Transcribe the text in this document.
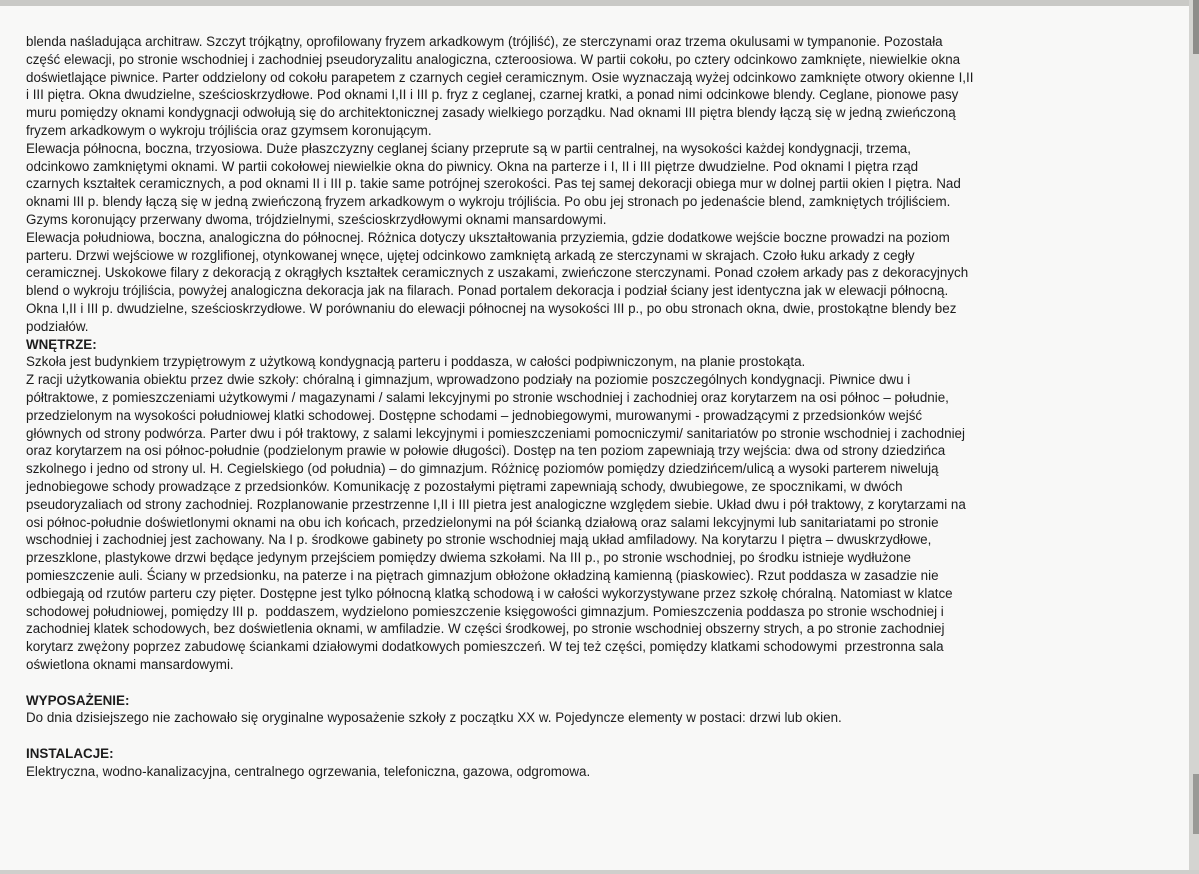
blenda naśladująca architraw. Szczyt trójkątny, oprofilowany fryzem arkadkowym (trójliść), ze sterczynami oraz trzema okulusami w tympanonie. Pozostała
część elewacji, po stronie wschodniej i zachodniej pseudoryzalitu analogiczna, czteroosiowa. W partii cokołu, po cztery odcinkowo zamknięte, niewielkie okna
doświetlające piwnice. Parter oddzielony od cokołu parapetem z czarnych cegieł ceramicznym. Osie wyznaczają wyżej odcinkowo zamknięte otwory okienne I,II
i III piętra. Okna dwudzielne, sześcioskrzydłowe. Pod oknami I,II i III p. fryz z ceglanej, czarnej kratki, a ponad nimi odcinkowe blendy. Ceglane, pionowe pasy
muru pomiędzy oknami kondygnacji odwołują się do architektonicznej zasady wielkiego porządku. Nad oknami III piętra blendy łączą się w jedną zwieńczoną
fryzem arkadkowym o wykroju trójliścia oraz gzymsem koronującym.

Elewacja północna, boczna, trzyosiowa. Duże płaszczyzny ceglanej ściany przeprute są w partii centralnej, na wysokości każdej kondygnacji, trzema,
odcinkowo zamkniętymi oknami. W partii cokołowej niewielkie okna do piwnicy. Okna na parterze i I, II i III piętrze dwudzielne. Pod oknami I piętra rząd
czarnych kształtek ceramicznych, a pod oknami II i III p. takie same potrójnej szerokości. Pas tej samej dekoracji obiega mur w dolnej partii okien I piętra. Nad
oknami III p. blendy łączą się w jedną zwieńczoną fryzem arkadkowym o wykroju trójliścia. Po obu jej stronach po jedenaście blend, zamkniętych trójliściem.
Gzyms koronujący przerwany dwoma, trójdzielnymi, sześcioskrzydłowymi oknami mansardowymi.

Elewacja południowa, boczna, analogiczna do północnej. Różnica dotyczy ukształtowania przyziemia, gdzie dodatkowe wejście boczne prowadzi na poziom
parteru. Drzwi wejściowe w rozglifionej, otynkowanej wnęce, ujętej odcinkowo zamkniętą arkadą ze sterczynami w skrajach. Czoło łuku arkady z cegły
ceramicznej. Uskokowe filary z dekoracją z okrągłych kształtek ceramicznych z uszakami, zwieńczone sterczynami. Ponad czołem arkady pas z dekoracyjnych
blend o wykroju trójliścia, powyżej analogiczna dekoracja jak na filarach. Ponad portalem dekoracja i podział ściany jest identyczna jak w elewacji północną.
Okna I,II i III p. dwudzielne, sześcioskrzydłowe. W porównaniu do elewacji północnej na wysokości III p., po obu stronach okna, dwie, prostokątne blendy bez
podziałów.

WNĘTRZE:
Szkoła jest budynkiem trzypiętrowym z użytkową kondygnacją parteru i poddasza, w całości podpiwniczonym, na planie prostokąta.
Z racji użytkowania obiektu przez dwie szkoły: chóralną i gimnazjum, wprowadzono podziały na poziomie poszczególnych kondygnacji. Piwnice dwu i
półtraktowe, z pomieszczeniami użytkowymi / magazynami / salami lekcyjnymi po stronie wschodniej i zachodniej oraz korytarzem na osi północ – południe,
przedzielonym na wysokości południowej klatki schodowej. Dostępne schodami – jednobiegowymi, murowanymi - prowadzącymi z przedsionków wejść
głównych od strony podwórza. Parter dwu i pół traktowy, z salami lekcyjnymi i pomieszczeniami pomocniczymi/ sanitariatów po stronie wschodniej i zachodniej
oraz korytarzem na osi północ-południe (podzielonym prawie w połowie długości). Dostęp na ten poziom zapewniają trzy wejścia: dwa od strony dziedzińca
szkolnego i jedno od strony ul. H. Cegielskiego (od południa) – do gimnazjum. Różnicę poziomów pomiędzy dziedzińcem/ulicą a wysoki parterem niwelują
jednobiegowe schody prowadzące z przedsionków. Komunikację z pozostałymi piętrami zapewniają schody, dwubiegowe, ze spocznikami, w dwóch
pseudoryzaliach od strony zachodniej. Rozplanowanie przestrzenne I,II i III pietra jest analogiczne względem siebie. Układ dwu i pół traktowy, z korytarzami na
osi północ-południe doświetlonymi oknami na obu ich końcach, przedzielonymi na pół ścianką działową oraz salami lekcyjnymi lub sanitariatami po stronie
wschodniej i zachodniej jest zachowany. Na I p. środkowe gabinety po stronie wschodniej mają układ amfiladowy. Na korytarzu I piętra – dwuskrzydłowe,
przeszklone, plastykowe drzwi będące jedynym przejściem pomiędzy dwiema szkołami. Na III p., po stronie wschodniej, po środku istnieje wydłużone
pomieszczenie auli. Ściany w przedsionku, na paterze i na piętrach gimnazjum obłożone okładziną kamienną (piaskowiec). Rzut poddasza w zasadzie nie
odbiegają od rzutów parteru czy pięter. Dostępne jest tylko północną klatką schodową i w całości wykorzystywane przez szkołę chóralną. Natomiast w klatce
schodowej południowej, pomiędzy III p.  poddaszem, wydzielono pomieszczenie księgowości gimnazjum. Pomieszczenia poddasza po stronie wschodniej i
zachodniej klatek schodowych, bez doświetlenia oknami, w amfiladzie. W części środkowej, po stronie wschodniej obszerny strych, a po stronie zachodniej
korytarz zwężony poprzez zabudowę ściankami działowymi dodatkowych pomieszczeń. W tej też części, pomiędzy klatkami schodowymi  przestronna sala
oświetlona oknami mansardowymi.

WYPOSAŻENIE:
Do dnia dzisiejszego nie zachowało się oryginalne wyposażenie szkoły z początku XX w. Pojedyncze elementy w postaci: drzwi lub okien.

INSTALACJE:
Elektryczna, wodno-kanalizacyjna, centralnego ogrzewania, telefoniczna, gazowa, odgromowa.
